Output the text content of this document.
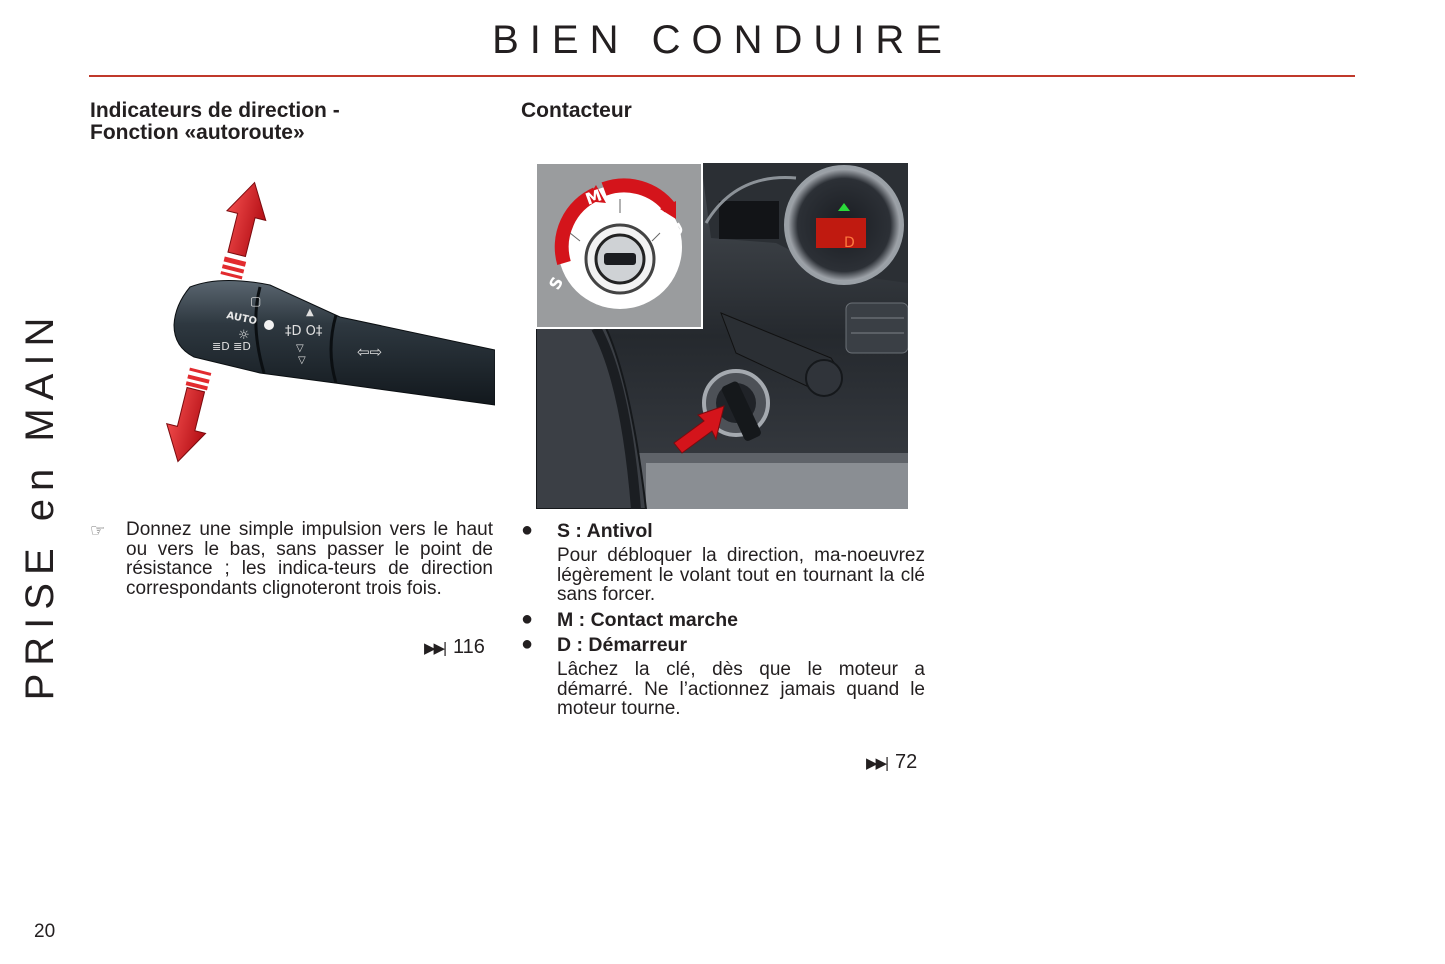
BIEN CONDUIRE
PRISE en MAIN
Indicateurs de direction -
Fonction «autoroute»
AUTO
▢
☼
≣D ≣D
‡D O‡
▲
▽
▽	⇦⇨
☞ Donnez une simple impulsion vers le haut ou vers le bas, sans passer le point de résistance ; les indica-teurs de direction correspondants clignoteront trois fois.
▶▶| 116
Contacteur
D
S
M
D
● S : Antivol
Pour débloquer la direction, ma-noeuvrez légèrement le volant tout en tournant la clé sans forcer.
● M : Contact marche
● D : Démarreur
Lâchez la clé, dès que le moteur a démarré. Ne l’actionnez jamais quand le moteur tourne.
▶▶| 72
20
